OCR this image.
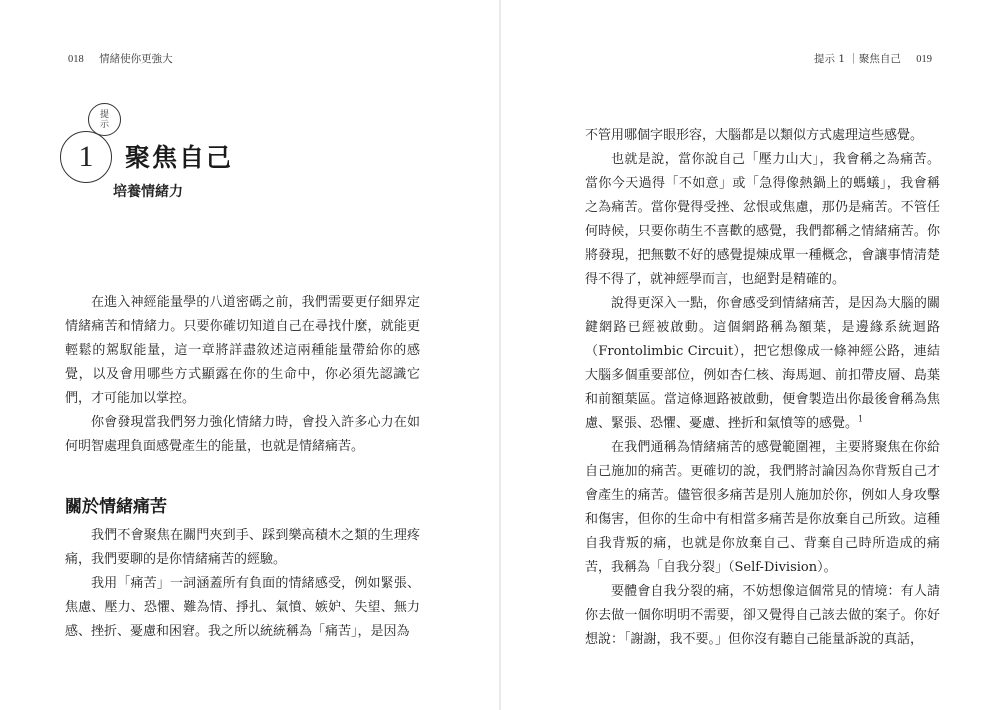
018 情緒使你更強大
提示
1	聚焦自己
培養情緒力

在進入神經能量學的八道密碼之前，我們需要更仔細界定情緒痛苦和情緒力。只要你確切知道自己在尋找什麼，就能更輕鬆的駕馭能量，這一章將詳盡敘述這兩種能量帶給你的感覺，以及會用哪些方式顯露在你的生命中，你必須先認識它們，才可能加以掌控。

你會發現當我們努力強化情緒力時，會投入許多心力在如何明智處理負面感覺產生的能量，也就是情緒痛苦。

關於情緒痛苦

我們不會聚焦在關門夾到手、踩到樂高積木之類的生理疼痛，我們要聊的是你情緒痛苦的經驗。

我用「痛苦」一詞涵蓋所有負面的情緒感受，例如緊張、焦慮、壓力、恐懼、難為情、掙扎、氣憤、嫉妒、失望、無力感、挫折、憂慮和困窘。我之所以統統稱為「痛苦」，是因為

提示 1 ｜聚焦自己 019

不管用哪個字眼形容，大腦都是以類似方式處理這些感覺。

也就是說，當你說自己「壓力山大」，我會稱之為痛苦。當你今天過得「不如意」或「急得像熱鍋上的螞蟻」，我會稱之為痛苦。當你覺得受挫、忿恨或焦慮，那仍是痛苦。不管任何時候，只要你萌生不喜歡的感覺，我們都稱之情緒痛苦。你將發現，把無數不好的感覺提煉成單一種概念，會讓事情清楚得不得了，就神經學而言，也絕對是精確的。

說得更深入一點，你會感受到情緒痛苦，是因為大腦的關鍵網路已經被啟動。這個網路稱為額葉，是邊緣系統迴路（Frontolimbic Circuit），把它想像成一條神經公路，連結大腦多個重要部位，例如杏仁核、海馬迴、前扣帶皮層、島葉和前額葉區。當這條迴路被啟動，便會製造出你最後會稱為焦慮、緊張、恐懼、憂慮、挫折和氣憤等的感覺。$^1$

在我們通稱為情緒痛苦的感覺範圍裡，主要將聚焦在你給自己施加的痛苦。更確切的說，我們將討論因為你背叛自己才會產生的痛苦。儘管很多痛苦是別人施加於你，例如人身攻擊和傷害，但你的生命中有相當多痛苦是你放棄自己所致。這種自我背叛的痛，也就是你放棄自己、背棄自己時所造成的痛苦，我稱為「自我分裂」（Self-Division）。

要體會自我分裂的痛，不妨想像這個常見的情境：有人請你去做一個你明明不需要，卻又覺得自己該去做的案子。你好想說：「謝謝，我不要。」但你沒有聽自己能量訴說的真話，
